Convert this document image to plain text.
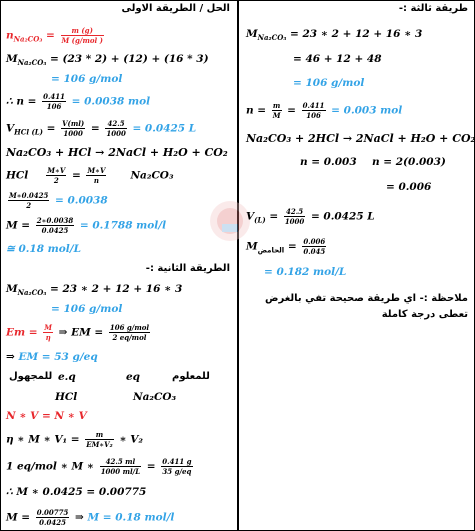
الحل / الطريقة الاولى
$n_{Na_2CO_3} = \frac{m (g)}{\text{M (g/mol )}}$
$M_{Na_2CO_3} = (23 * 2) + (12) + (16 * 3)$
= 106 g/mol
∴ $n = \frac{0.411}{106} = 0.0038$ mol
$V_{HCl (L)} = \frac{V(ml)}{1000} = \frac{42.5}{1000} = 0.0425$ L
Na₂CO₃ + HCl → 2NaCl + H₂O + CO₂
HCl	$\frac{M∗V}{2} = \frac{M∗V}{n} Na_2CO_3$
$\frac{M∗0.0425}{2} = 0.0038$
$M = \frac{2∗0.0038}{0.0425} = 0.1788$ mol/l
≅ 0.18 mol/L
الطريقة الثانية :-
$M_{Na_2CO_3} = 23$ ∗ 2 + 12 + 16 ∗ 3
= 106 g/mol
$Em = \frac{M}{\eta}$ ⇒ EM = $\frac{\text{106 g/mol}}{\text{2 eq/mol}}$
⇒ EM = 53 g/eq
للمجهول e.q	eq	للمعلوم
HCl	Na₂CO₃
N ∗ V = N ∗ V
η ∗ M ∗ $V_1 = \frac{m}{\text{EM∗V₂}}$ ∗ V₂
1 eq/mol ∗ M ∗ $\frac{42.5 ml}{1000 ml/L} = \frac{0.411 g}{35 g/eq}$
∴ M ∗ 0.0425 = 0.00775
$M = \frac{0.00775}{0.0425}$ ⇒ M = 0.18 mol/l
طريقة ثالثة :-
$M_{Na_2CO_3} = 23$ ∗ 2 + 12 + 16 ∗ 3
= 46 + 12 + 48
= 106 g/mol
$n = \frac{m}{M} = \frac{0.411}{106} = 0.003$ mol
Na₂CO₃ + 2HCl → 2NaCl + H₂O + CO₂
n = 0.003 n = 2(0.003)
= 0.006
$V_{(L)} = \frac{42.5}{1000} = 0.0425$ L
$M_{الحامض} = \frac{0.006}{0.045}$
= 0.182 mol/L
ملاحظة :- اي طريقة صحيحة تفي بالغرض تعطى درجة كاملة
